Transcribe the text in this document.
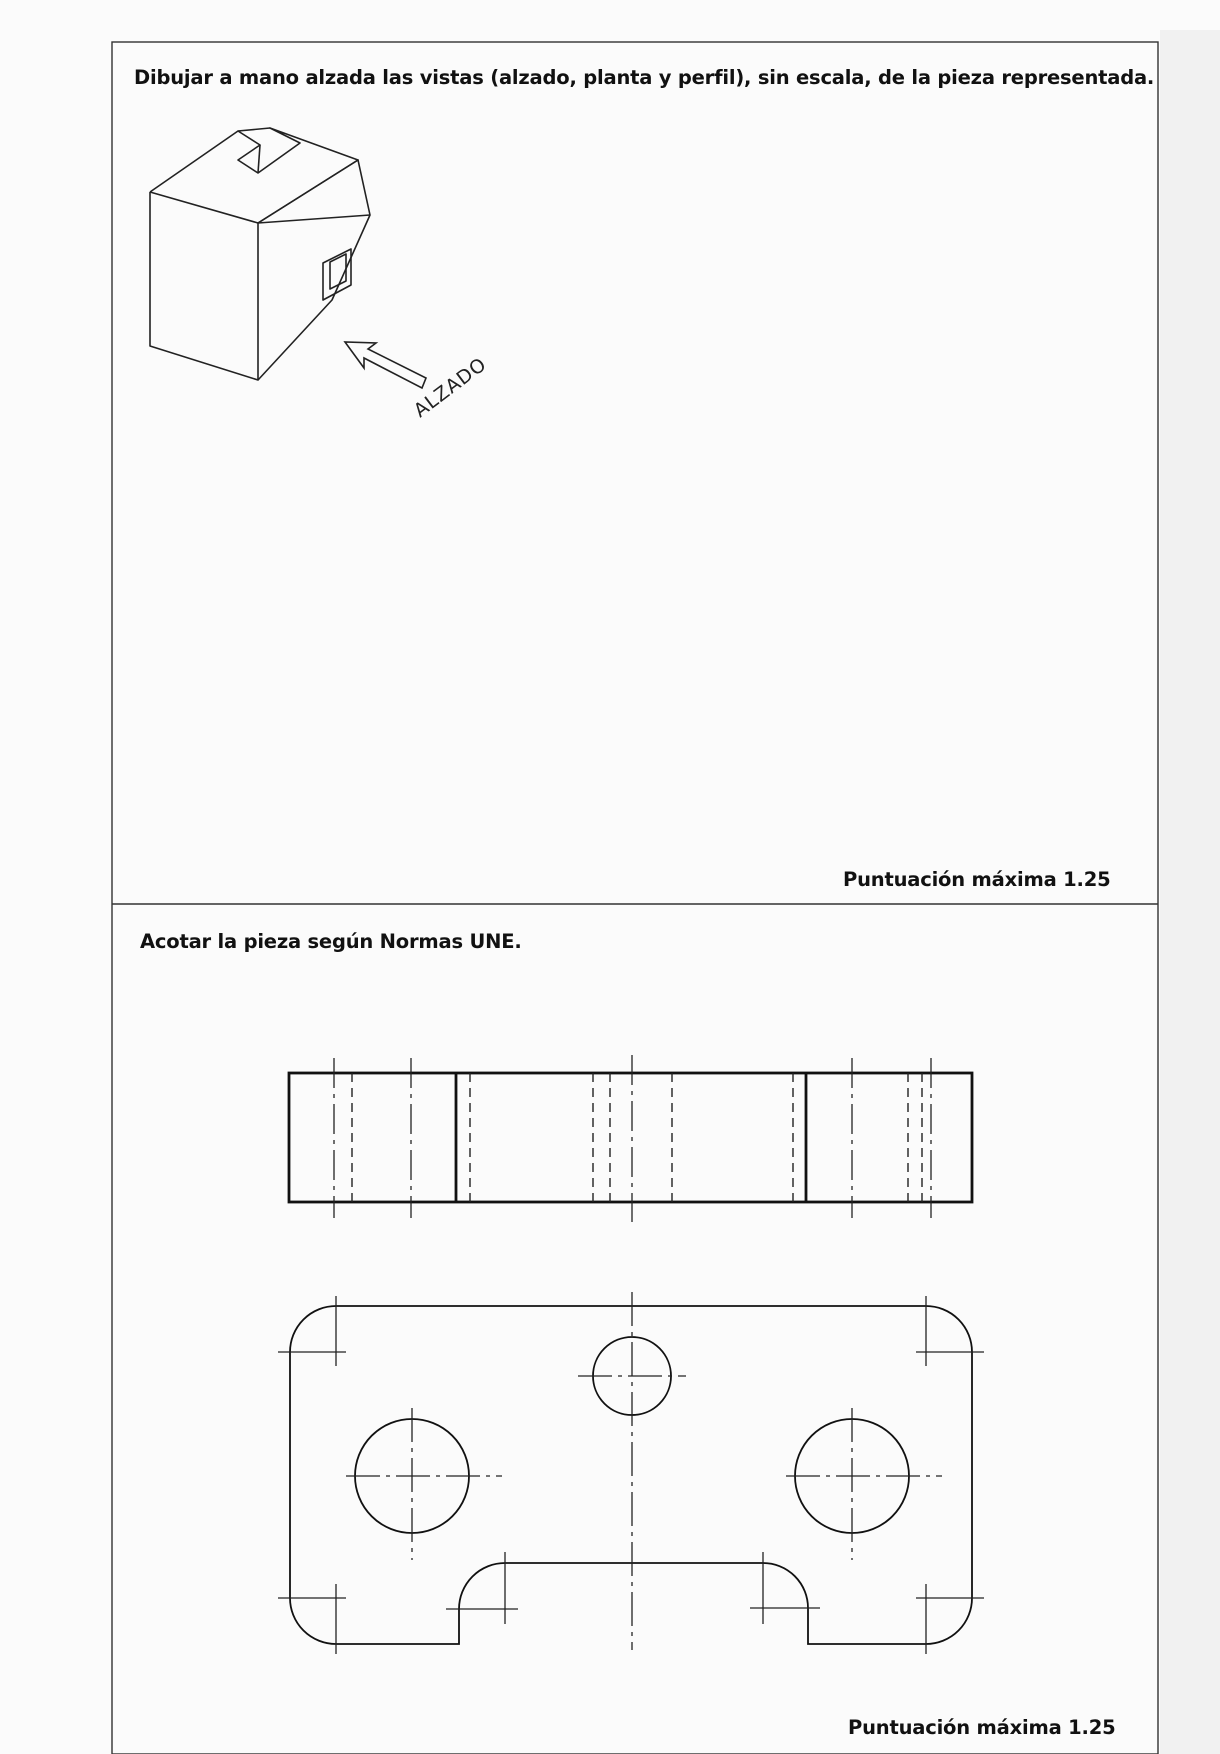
ALZADO
Dibujar a mano alzada las vistas (alzado, planta y perfil), sin escala, de la pieza representada.
Puntuación máxima 1.25
Acotar la pieza según Normas UNE.
Puntuación máxima 1.25
